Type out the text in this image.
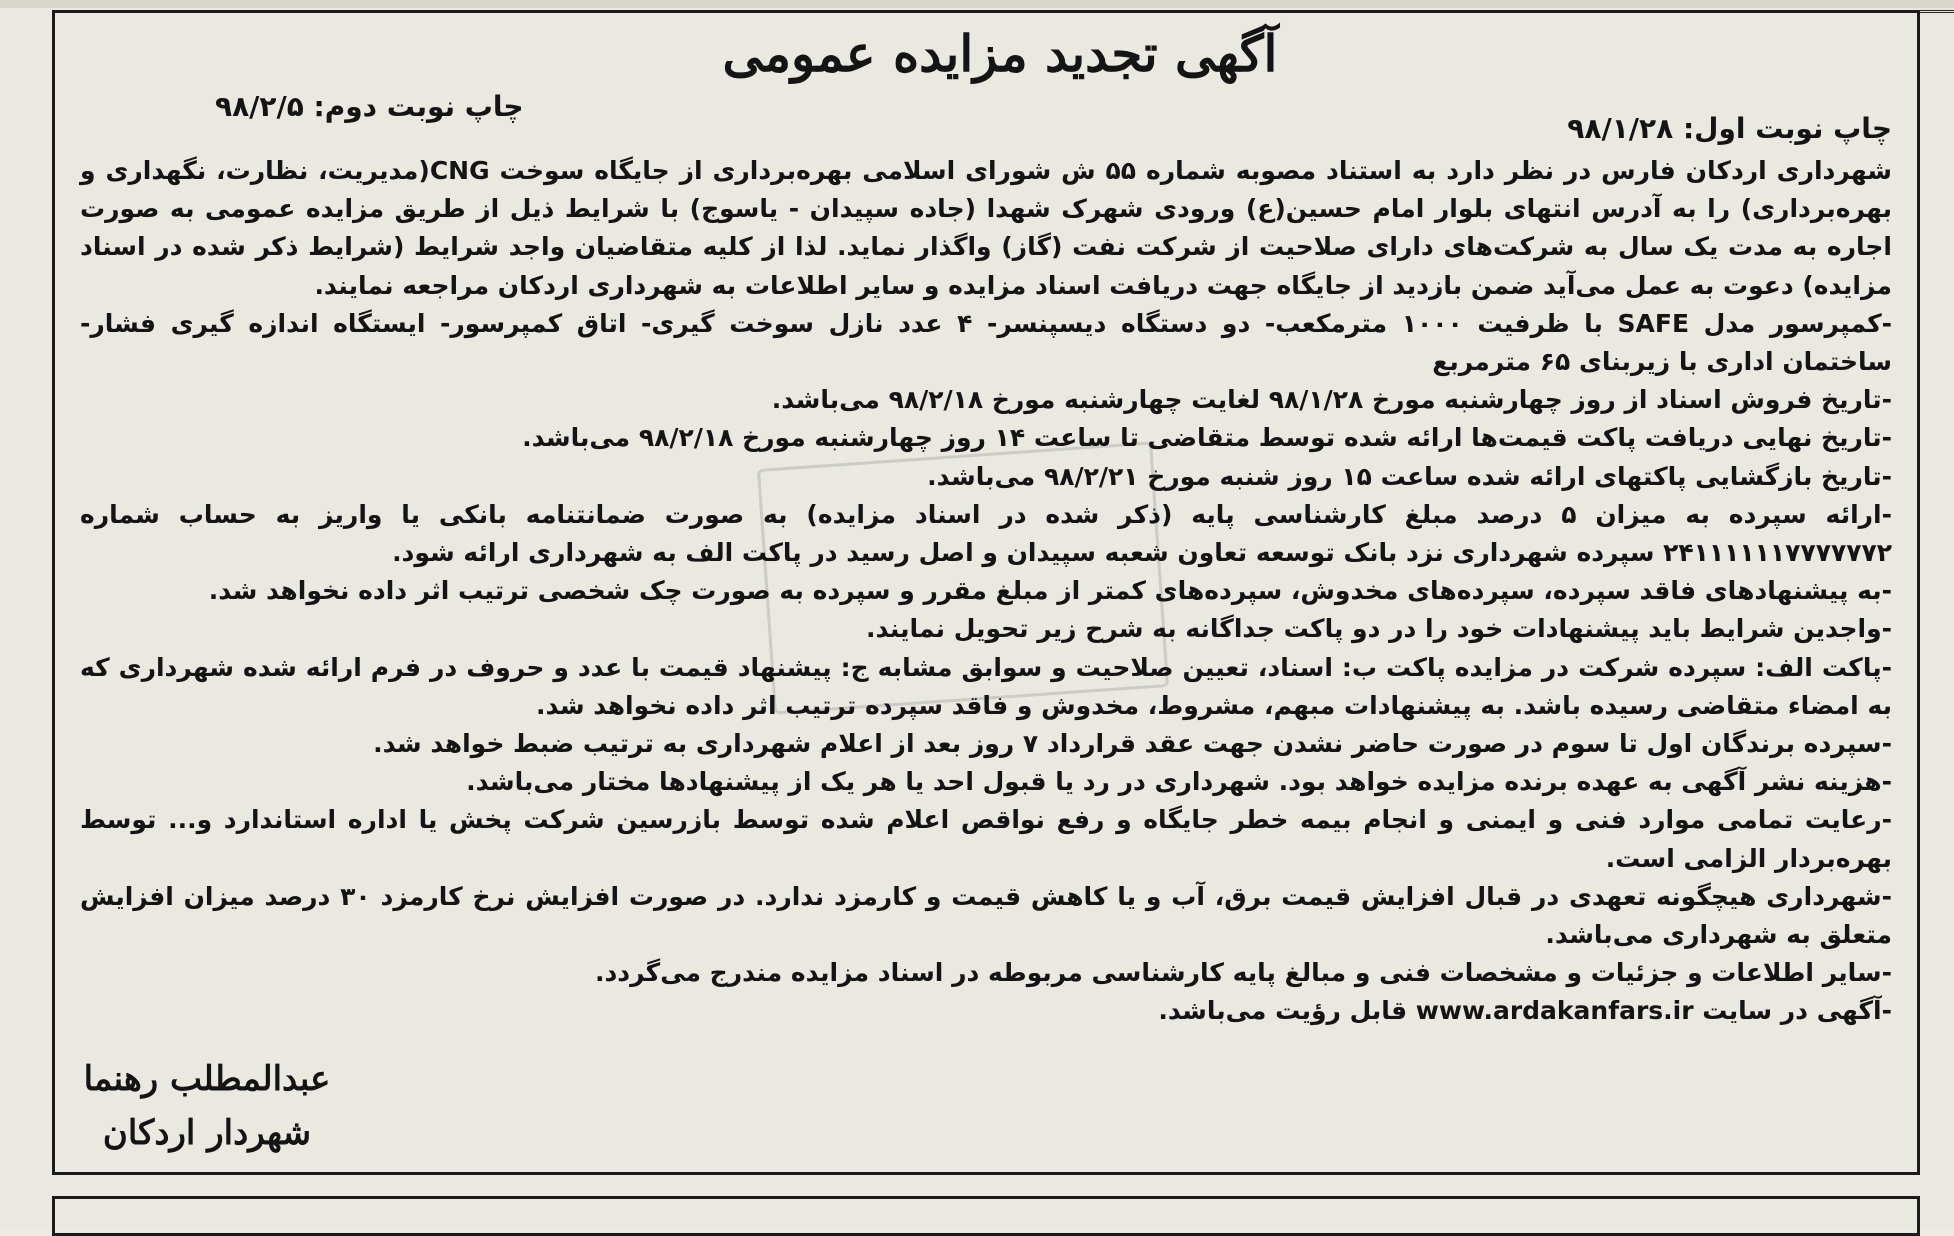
آگهی تجدید مزایده عمومی
چاپ نوبت دوم: ۹۸/۲/۵
چاپ نوبت اول: ۹۸/۱/۲۸

شهرداری اردکان فارس در نظر دارد به استناد مصوبه شماره ۵۵ ش شورای اسلامی بهره‌برداری از جایگاه سوخت CNG(مدیریت، نظارت، نگهداری و بهره‌برداری) را به آدرس انتهای بلوار امام حسین(ع) ورودی شهرک شهدا (جاده سپیدان - یاسوج) با شرایط ذیل از طریق مزایده عمومی به صورت اجاره به مدت یک سال به شرکت‌های دارای صلاحیت از شرکت نفت (گاز) واگذار نماید. لذا از کلیه متقاضیان واجد شرایط (شرایط ذکر شده در اسناد مزایده) دعوت به عمل می‌آید ضمن بازدید از جایگاه جهت دریافت اسناد مزایده و سایر اطلاعات به شهرداری اردکان مراجعه نمایند.

-کمپرسور مدل SAFE با ظرفیت ۱۰۰۰ مترمکعب- دو دستگاه دیسپنسر- ۴ عدد نازل سوخت گیری- اتاق کمپرسور- ایستگاه اندازه گیری فشار- ساختمان اداری با زیربنای ۶۵ مترمربع

-تاریخ فروش اسناد از روز چهارشنبه مورخ ۹۸/۱/۲۸ لغایت چهارشنبه مورخ ۹۸/۲/۱۸ می‌باشد.

-تاریخ نهایی دریافت پاکت قیمت‌ها ارائه شده توسط متقاضی تا ساعت ۱۴ روز چهارشنبه مورخ ۹۸/۲/۱۸ می‌باشد.

-تاریخ بازگشایی پاکتهای ارائه شده ساعت ۱۵ روز شنبه مورخ ۹۸/۲/۲۱ می‌باشد.

-ارائه سپرده به میزان ۵ درصد مبلغ کارشناسی پایه (ذکر شده در اسناد مزایده) به صورت ضمانتنامه بانکی یا واریز به حساب شماره ۲۴۱۱۱۱۱۱۷۷۷۷۷۷۲ سپرده شهرداری نزد بانک توسعه تعاون شعبه سپیدان و اصل رسید در پاکت الف به شهرداری ارائه شود.

-به پیشنهادهای فاقد سپرده، سپرده‌های مخدوش، سپرده‌های کمتر از مبلغ مقرر و سپرده به صورت چک شخصی ترتیب اثر داده نخواهد شد.

-واجدین شرایط باید پیشنهادات خود را در دو پاکت جداگانه به شرح زیر تحویل نمایند.

-پاکت الف: سپرده شرکت در مزایده پاکت ب: اسناد، تعیین صلاحیت و سوابق مشابه ج: پیشنهاد قیمت با عدد و حروف در فرم ارائه شده شهرداری که به امضاء متقاضی رسیده باشد. به پیشنهادات مبهم، مشروط، مخدوش و فاقد سپرده ترتیب اثر داده نخواهد شد.

-سپرده برندگان اول تا سوم در صورت حاضر نشدن جهت عقد قرارداد ۷ روز بعد از اعلام شهرداری به ترتیب ضبط خواهد شد.

-هزینه نشر آگهی به عهده برنده مزایده خواهد بود. شهرداری در رد یا قبول احد یا هر یک از پیشنهادها مختار می‌باشد.

-رعایت تمامی موارد فنی و ایمنی و انجام بیمه خطر جایگاه و رفع نواقص اعلام شده توسط بازرسین شرکت پخش یا اداره استاندارد و... توسط بهره‌بردار الزامی است.

-شهرداری هیچگونه تعهدی در قبال افزایش قیمت برق، آب و یا کاهش قیمت و کارمزد ندارد. در صورت افزایش نرخ کارمزد ۳۰ درصد میزان افزایش متعلق به شهرداری می‌باشد.

-سایر اطلاعات و جزئیات و مشخصات فنی و مبالغ پایه کارشناسی مربوطه در اسناد مزایده مندرج می‌گردد.

-آگهی در سایت www.ardakanfars.ir قابل رؤیت می‌باشد.

عبدالمطلب رهنما
شهردار اردکان
